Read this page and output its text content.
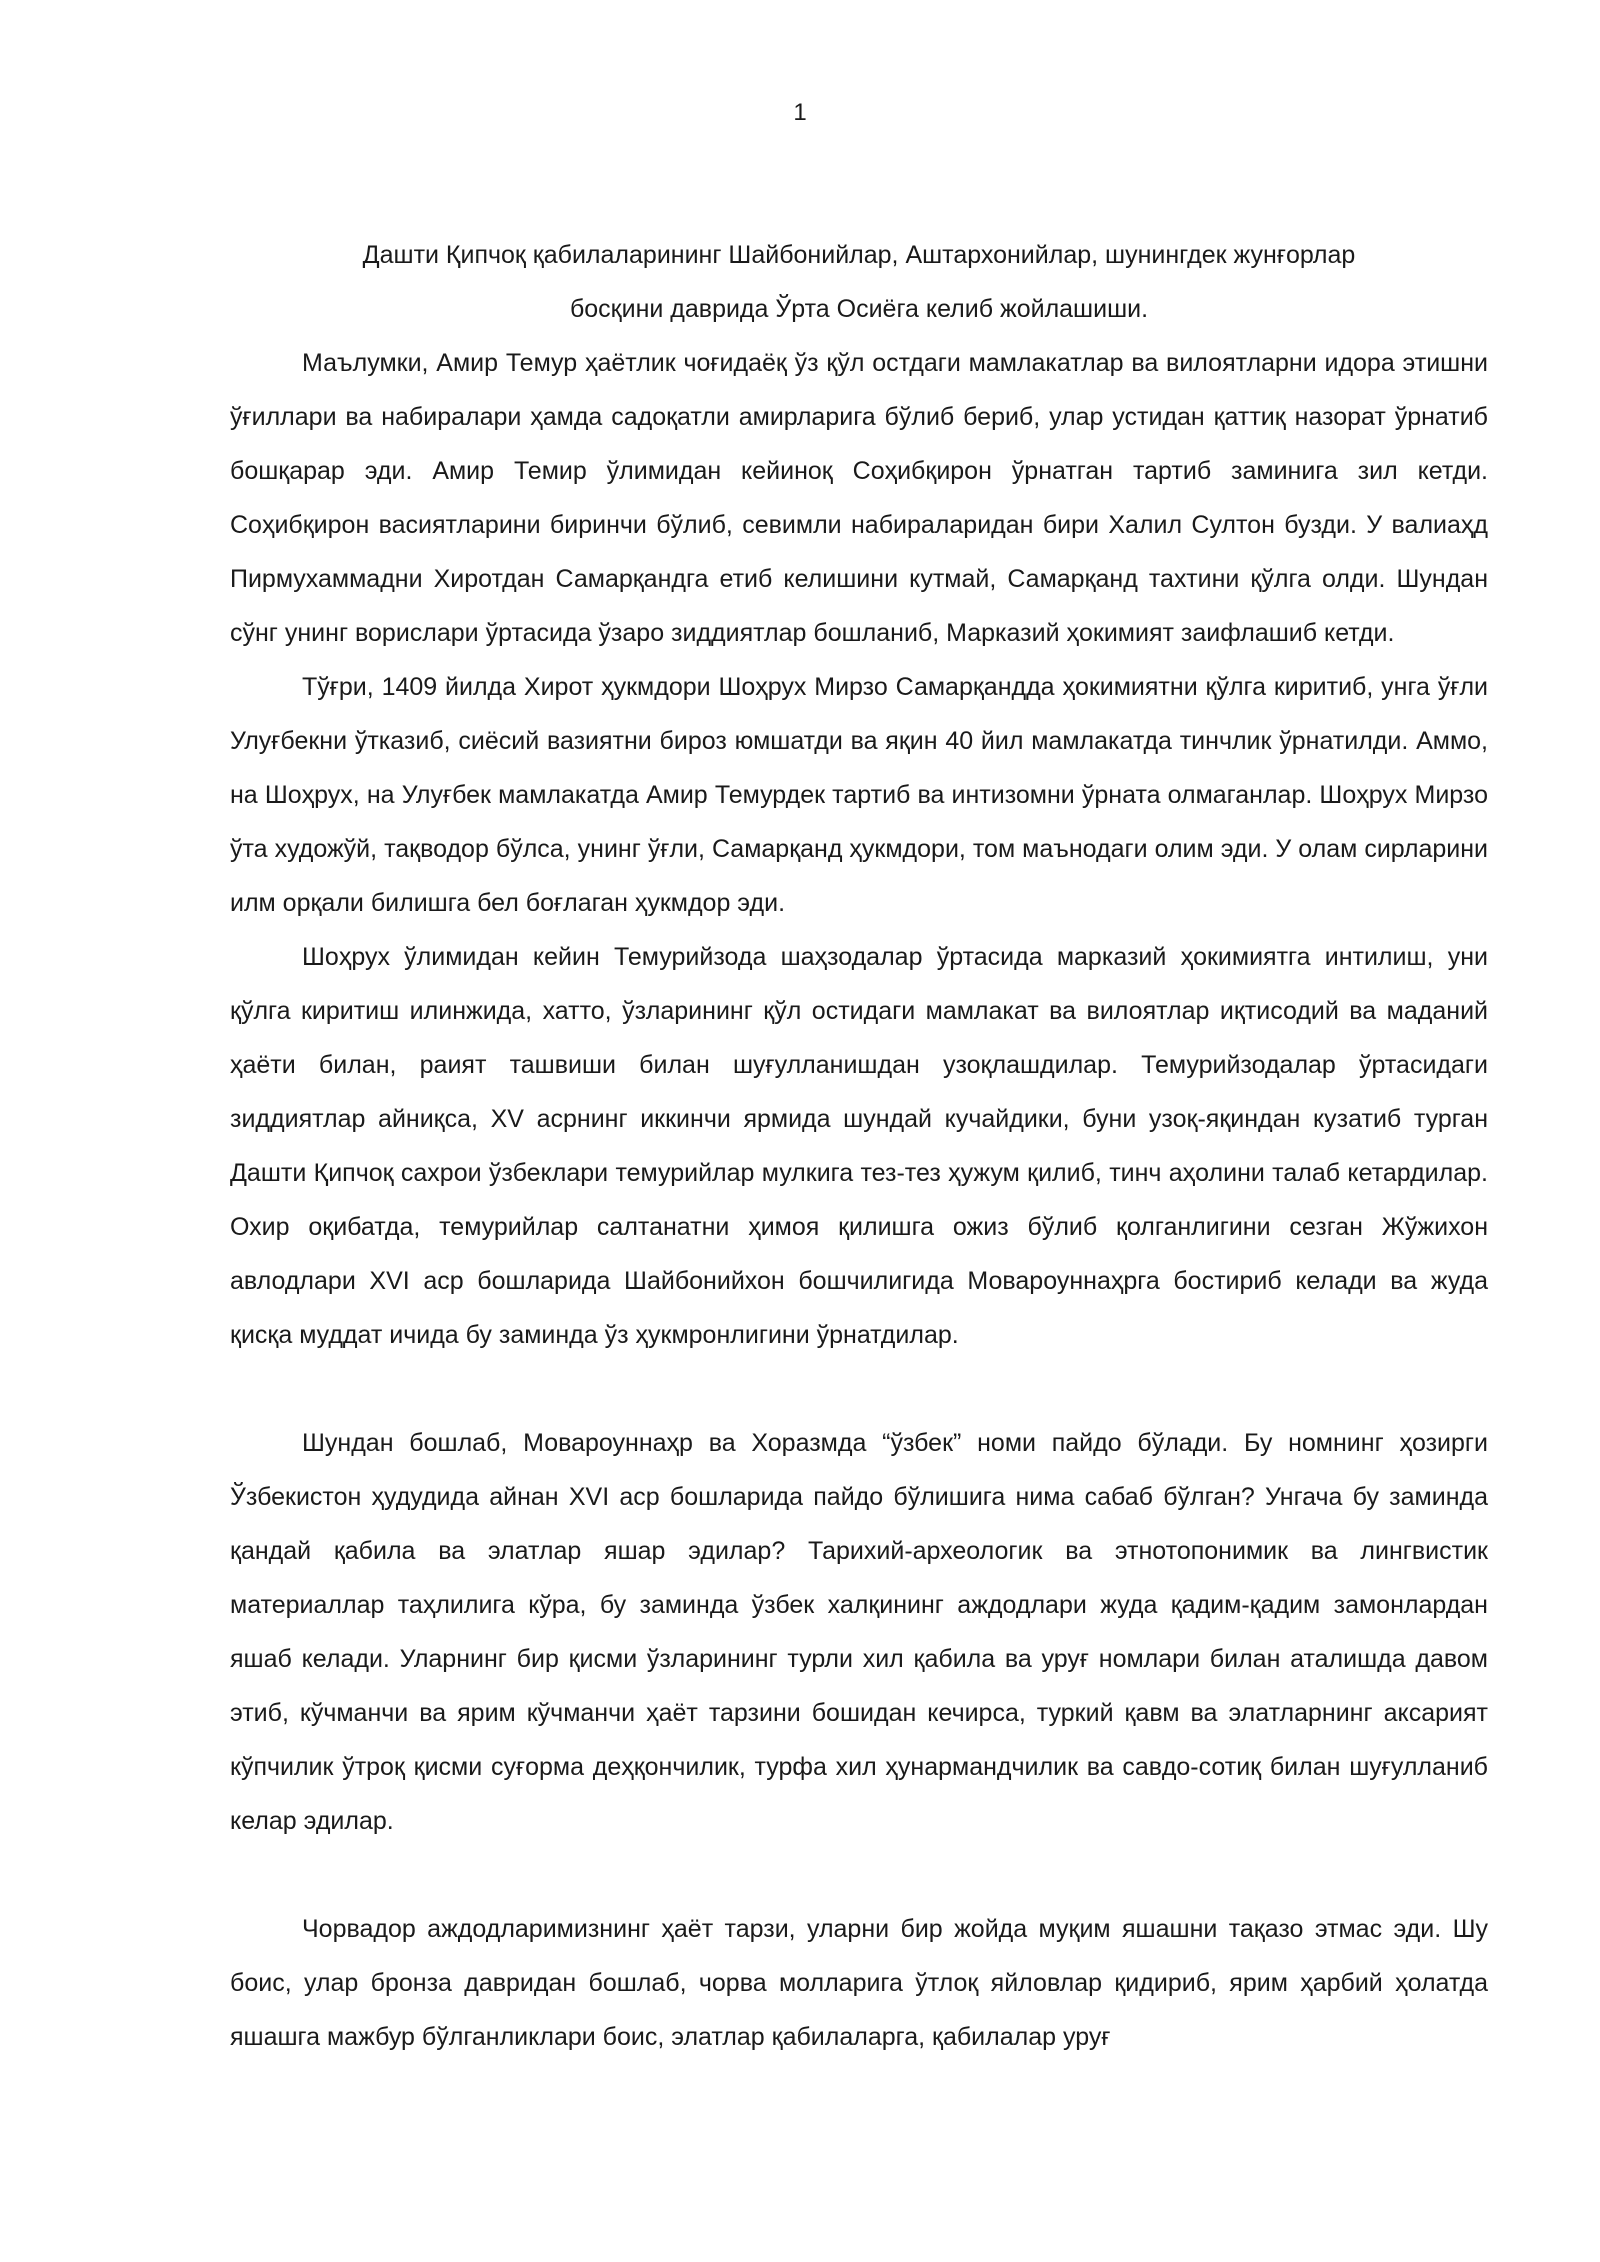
1

Дашти Қипчоқ қабилаларининг Шайбонийлар, Аштархонийлар, шунингдек жунғорлар
босқини даврида Ўрта Осиёга келиб жойлашиши.

Маълумки, Амир Темур ҳаётлик чоғидаёқ ўз қўл остдаги мамлакатлар ва вилоятларни идора этишни ўғиллари ва набиралари ҳамда садоқатли амирларига бўлиб бериб, улар устидан қаттиқ назорат ўрнатиб бошқарар эди. Амир Темир ўлимидан кейиноқ Соҳибқирон ўрнатган тартиб заминига зил кетди. Соҳибқирон васиятларини биринчи бўлиб, севимли набираларидан бири Халил Султон бузди. У валиаҳд Пирмухаммадни Хиротдан Самарқандга етиб келишини кутмай, Самарқанд тахтини қўлга олди. Шундан сўнг унинг ворислари ўртасида ўзаро зиддиятлар бошланиб, Марказий ҳокимият заифлашиб кетди.

Тўғри, 1409 йилда Хирот ҳукмдори Шоҳрух Мирзо Самарқандда ҳокимиятни қўлга киритиб, унга ўғли Улуғбекни ўтказиб, сиёсий вазиятни бироз юмшатди ва яқин 40 йил мамлакатда тинчлик ўрнатилди. Аммо, на Шоҳрух, на Улуғбек мамлакатда Амир Темурдек тартиб ва интизомни ўрната олмаганлар. Шоҳрух Мирзо ўта художўй, тақводор бўлса, унинг ўғли, Самарқанд ҳукмдори, том маънодаги олим эди. У олам сирларини илм орқали билишга бел боғлаган ҳукмдор эди.

Шоҳрух ўлимидан кейин Темурийзода шаҳзодалар ўртасида марказий ҳокимиятга интилиш, уни қўлга киритиш илинжида, хатто, ўзларининг қўл остидаги мамлакат ва вилоятлар иқтисодий ва маданий ҳаёти билан, раият ташвиши билан шуғулланишдан узоқлашдилар. Темурийзодалар ўртасидаги зиддиятлар айниқса, XV асрнинг иккинчи ярмида шундай кучайдики, буни узоқ-яқиндан кузатиб турган Дашти Қипчоқ сахрои ўзбеклари темурийлар мулкига тез-тез ҳужум қилиб, тинч аҳолини талаб кетардилар. Охир оқибатда, темурийлар салтанатни ҳимоя қилишга ожиз бўлиб қолганлигини сезган Жўжихон авлодлари XVI аср бошларида Шайбонийхон бошчилигида Мовароуннаҳрга бостириб келади ва жуда қисқа муддат ичида бу заминда ўз ҳукмронлигини ўрнатдилар.

Шундан бошлаб, Мовароуннаҳр ва Хоразмда “ўзбек” номи пайдо бўлади. Бу номнинг ҳозирги Ўзбекистон ҳудудида айнан XVI аср бошларида пайдо бўлишига нима сабаб бўлган? Унгача бу заминда қандай қабила ва элатлар яшар эдилар? Тарихий-археологик ва этнотопонимик ва лингвистик материаллар таҳлилига кўра, бу заминда ўзбек халқининг аждодлари жуда қадим-қадим замонлардан яшаб келади. Уларнинг бир қисми ўзларининг турли хил қабила ва уруғ номлари билан аталишда давом этиб, кўчманчи ва ярим кўчманчи ҳаёт тарзини бошидан кечирса, туркий қавм ва элатларнинг аксарият кўпчилик ўтроқ қисми суғорма деҳқончилик, турфа хил ҳунармандчилик ва савдо-сотиқ билан шуғулланиб келар эдилар.

Чорвадор аждодларимизнинг ҳаёт тарзи, уларни бир жойда муқим яшашни тақазо этмас эди. Шу боис, улар бронза давридан бошлаб, чорва молларига ўтлоқ яйловлар қидириб, ярим ҳарбий ҳолатда яшашга мажбур бўлганликлари боис, элатлар қабилаларга, қабилалар уруғ
